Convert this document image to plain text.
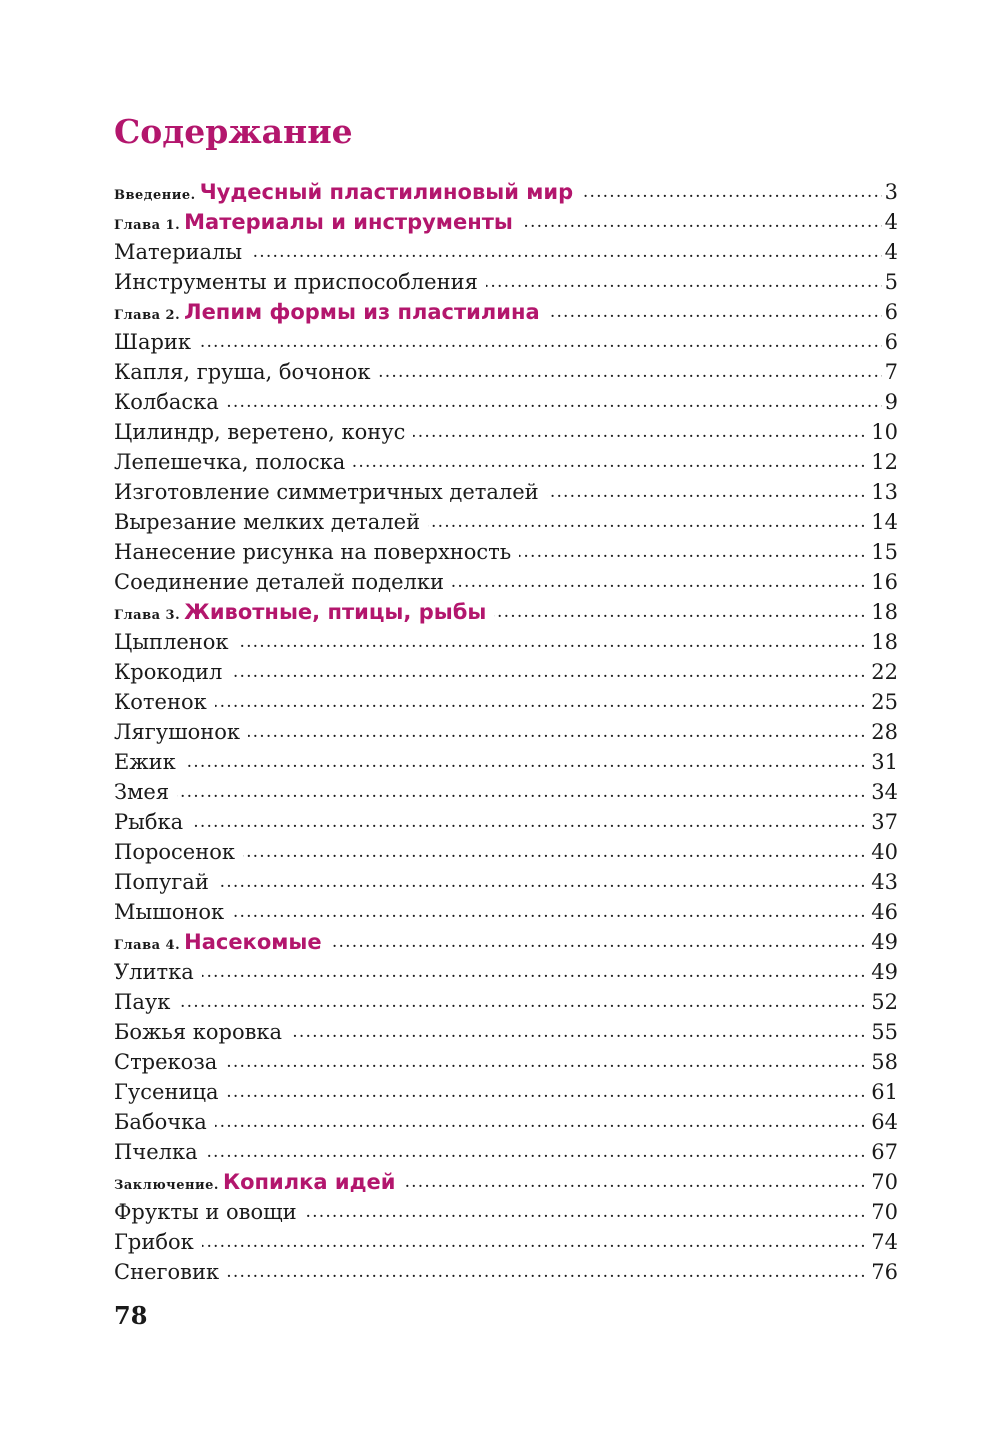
Содержание
..... Введение. Чудесный пластилиновый мир	3
..... Глава 1. Материалы и инструменты	4
..... Материалы	4
..... Инструменты и приспособления	5
..... Глава 2. Лепим формы из пластилина	6
..... Шарик	6
..... Капля, груша, бочонок	7
..... Колбаска	9
..... Цилиндр, веретено, конус	10
..... Лепешечка, полоска	12
..... Изготовление симметричных деталей	13
..... Вырезание мелких деталей	14
..... Нанесение рисунка на поверхность	15
..... Соединение деталей поделки	16
..... Глава 3. Животные, птицы, рыбы	18
..... Цыпленок	18
..... Крокодил	22
..... Котенок	25
..... Лягушонок	28
..... Ежик	31
..... Змея	34
..... Рыбка	37
..... Поросенок	40
..... Попугай	43
..... Мышонок	46
..... Глава 4. Насекомые	49
..... Улитка	49
..... Паук	52
..... Божья коровка	55
..... Стрекоза	58
..... Гусеница	61
..... Бабочка	64
..... Пчелка	67
..... Заключение. Копилка идей	70
..... Фрукты и овощи	70
..... Грибок	74
..... Снеговик	76
78
